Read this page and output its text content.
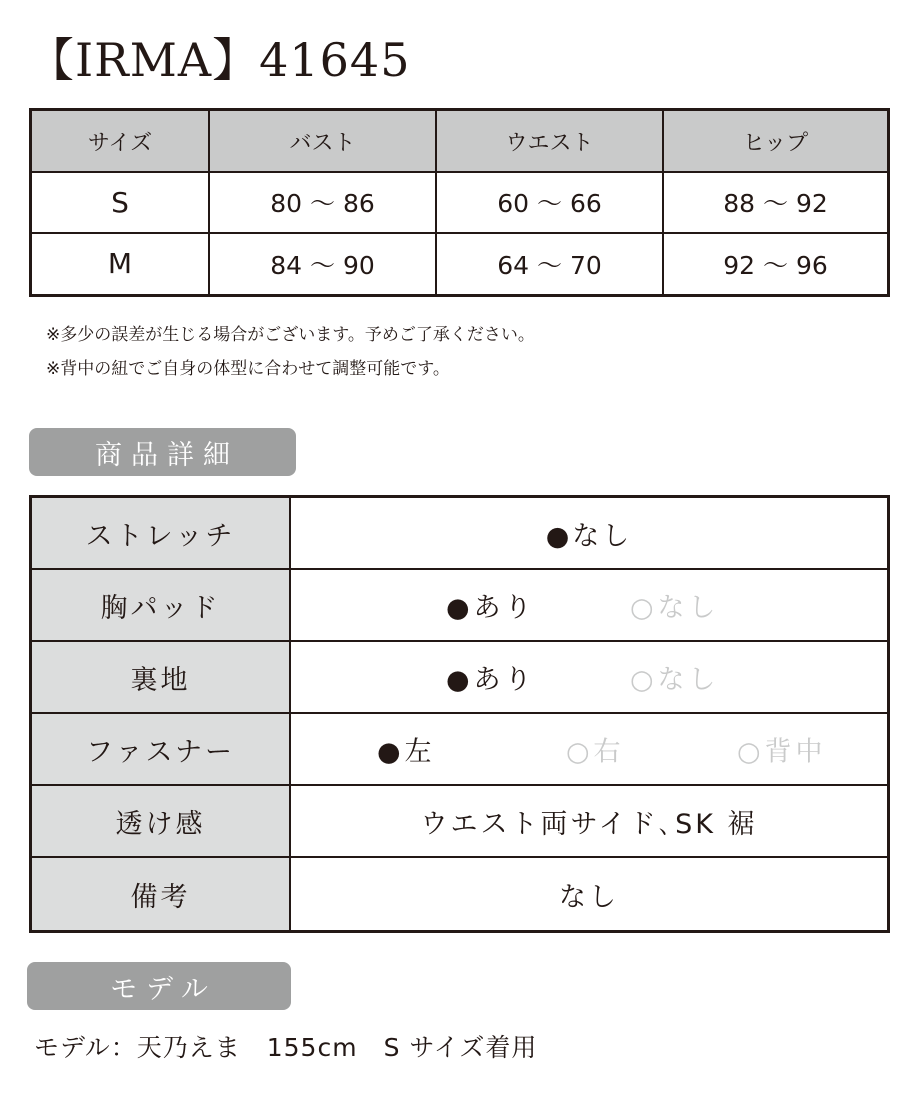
【IRMA】41645
サイズ	バスト	ウエスト	ヒップ
S	80 〜 86	60 〜 66	88 〜 92
M	84 〜 90	64 〜 70	92 〜 96
※多少の誤差が生じる場合がございます。予めご了承ください。
※背中の紐でご自身の体型に合わせて調整可能です。
商品詳細
ストレッチ	●なし
胸パッド	●あり	○なし
裏地	●あり	○なし
ファスナー	●左	○右	○背中
透け感	ウエスト両サイド､SK 裾
備考	なし
モデル
モデル：天乃えま　155cm　S サイズ着用
